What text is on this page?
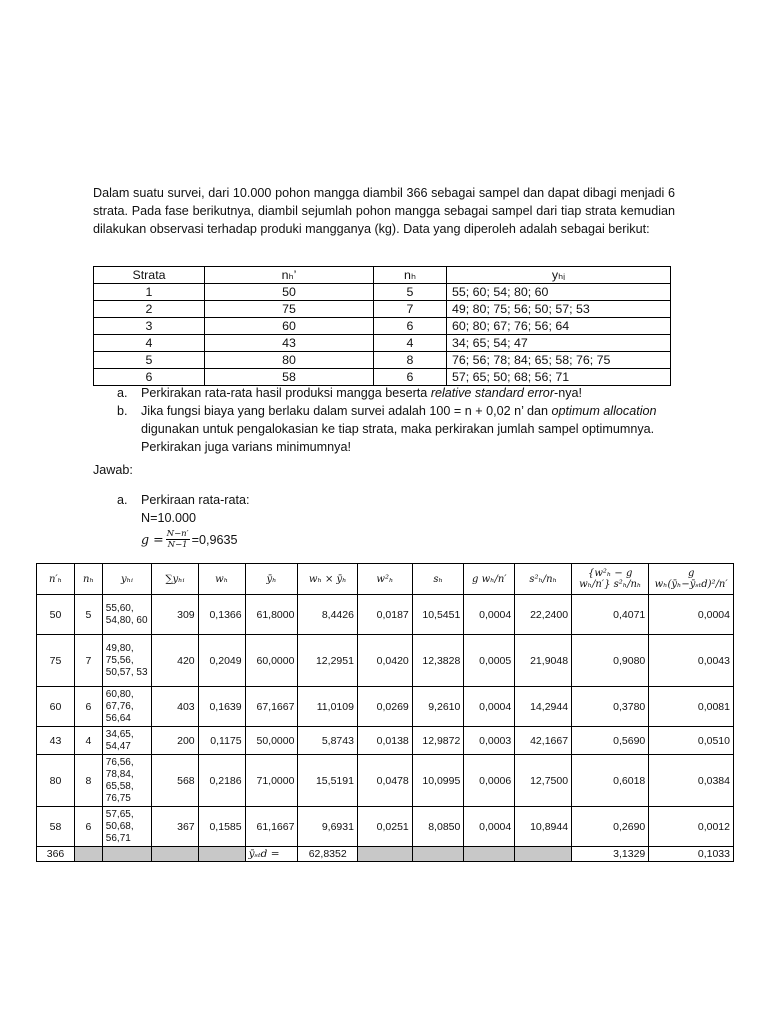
Dalam suatu survei, dari 10.000 pohon mangga diambil 366 sebagai sampel dan dapat dibagi menjadi 6 strata. Pada fase berikutnya, diambil sejumlah pohon mangga sebagai sampel dari tiap strata kemudian dilakukan observasi terhadap produki mangganya (kg). Data yang diperoleh adalah sebagai berikut:

Strata	nₕ’	nₕ	yₕᵢ
1	50	5	55; 60; 54; 80; 60
2	75	7	49; 80; 75; 56; 50; 57; 53
3	60	6	60; 80; 67; 76; 56; 64
4	43	4	34; 65; 54; 47
5	80	8	76; 56; 78; 84; 65; 58; 76; 75
6	58	6	57; 65; 50; 68; 56; 71
a.	Perkirakan rata-rata hasil produksi mangga beserta relative standard error-nya!
b.	Jika fungsi biaya yang berlaku dalam survei adalah 100 = n + 0,02 n’ dan optimum allocation digunakan untuk pengalokasian ke tiap strata, maka perkirakan jumlah sampel optimumnya. Perkirakan juga varians minimumnya!
Jawab:
a.	Perkiraan rata-rata:
N=10.000
$g = \frac{N-n'}{N-1} =0,9635$
n′ₕ	nₕ	yₕᵢ	∑yₕᵢ	wₕ	ȳₕ	wₕ × ȳₕ	w²ₕ	sₕ	g wₕ/n′	s²ₕ/nₕ	{w²ₕ − g wₕ/n′} s²ₕ/nₕ	g wₕ(ȳₕ−ȳₛₜd)²/n′
50	5	55,60, 54,80, 60	309	0,1366	61,8000	8,4426	0,0187	10,5451	0,0004	22,2400	0,4071	0,0004
75	7	49,80, 75,56, 50,57, 53	420	0,2049	60,0000	12,2951	0,0420	12,3828	0,0005	21,9048	0,9080	0,0043
60	6	60,80, 67,76, 56,64	403	0,1639	67,1667	11,0109	0,0269	9,2610	0,0004	14,2944	0,3780	0,0081
43	4	34,65, 54,47	200	0,1175	50,0000	5,8743	0,0138	12,9872	0,0003	42,1667	0,5690	0,0510
80	8	76,56, 78,84, 65,58, 76,75	568	0,2186	71,0000	15,5191	0,0478	10,0995	0,0006	12,7500	0,6018	0,0384
58	6	57,65, 50,68, 56,71	367	0,1585	61,1667	9,6931	0,0251	8,0850	0,0004	10,8944	0,2690	0,0012
366					ȳₛₜd =	62,8352					3,1329	0,1033
